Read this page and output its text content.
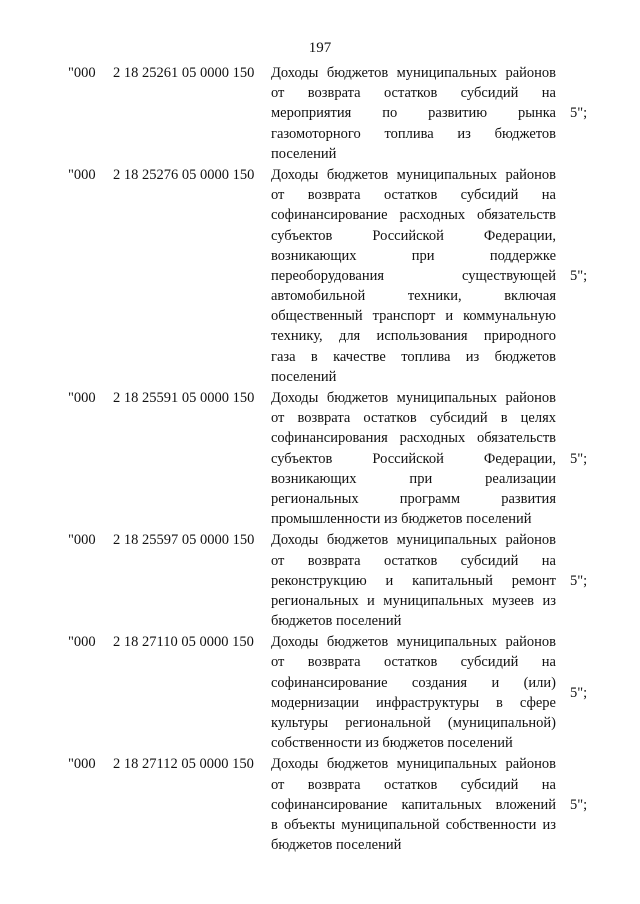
197
"000	2 18 25261 05 0000 150	Доходы бюджетов муниципальных районов
от возврата остатков субсидий на
мероприятия по развитию рынка
газомоторного топлива из бюджетов
поселений
5";
"000	2 18 25276 05 0000 150	Доходы бюджетов муниципальных районов
от возврата остатков субсидий на
софинансирование расходных обязательств
субъектов Российской Федерации,
возникающих при поддержке
переоборудования существующей
автомобильной техники, включая
общественный транспорт и коммунальную
технику, для использования природного
газа в качестве топлива из бюджетов
поселений
5";
"000	2 18 25591 05 0000 150	Доходы бюджетов муниципальных районов
от возврата остатков субсидий в целях
софинансирования расходных обязательств
субъектов Российской Федерации,
возникающих при реализации
региональных программ развития
промышленности из бюджетов поселений
5";
"000	2 18 25597 05 0000 150	Доходы бюджетов муниципальных районов
от возврата остатков субсидий на
реконструкцию и капитальный ремонт
региональных и муниципальных музеев из
бюджетов поселений
5";
"000	2 18 27110 05 0000 150	Доходы бюджетов муниципальных районов
от возврата остатков субсидий на
софинансирование создания и (или)
модернизации инфраструктуры в сфере
культуры региональной (муниципальной)
собственности из бюджетов поселений
5";
"000	2 18 27112 05 0000 150	Доходы бюджетов муниципальных районов
от возврата остатков субсидий на
софинансирование капитальных вложений
в объекты муниципальной собственности из
бюджетов поселений
5";
